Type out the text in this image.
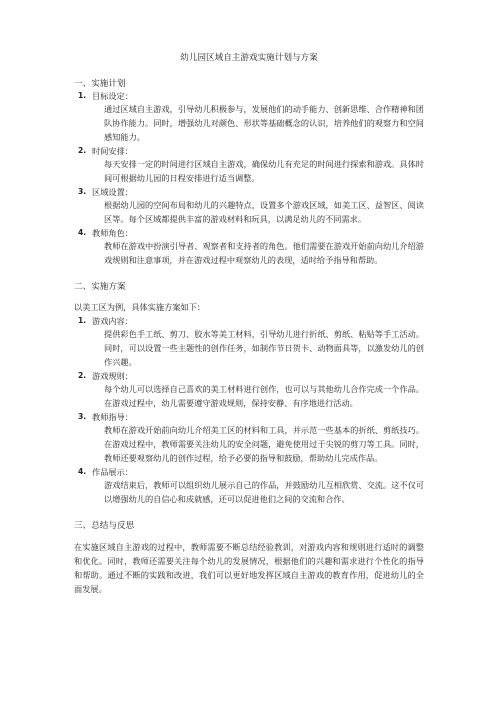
幼儿园区域自主游戏实施计划与方案
一、实施计划
1. 目标设定：
通过区域自主游戏，引导幼儿积极参与，发展他们的动手能力、创新思维、合作精神和团队协作能力。同时，增强幼儿对颜色、形状等基础概念的认识，培养他们的观察力和空间感知能力。
2. 时间安排：
每天安排一定的时间进行区域自主游戏，确保幼儿有充足的时间进行探索和游戏。具体时间可根据幼儿园的日程安排进行适当调整。
3. 区域设置：
根据幼儿园的空间布局和幼儿的兴趣特点，设置多个游戏区域，如美工区、益智区、阅读区等。每个区域都提供丰富的游戏材料和玩具，以满足幼儿的不同需求。
4. 教师角色：
教师在游戏中扮演引导者、观察者和支持者的角色。他们需要在游戏开始前向幼儿介绍游戏规则和注意事项，并在游戏过程中观察幼儿的表现，适时给予指导和帮助。
二、实施方案
以美工区为例，具体实施方案如下：
1. 游戏内容：
提供彩色手工纸、剪刀、胶水等美工材料，引导幼儿进行折纸、剪纸、粘贴等手工活动。同时，可以设置一些主题性的创作任务，如制作节日贺卡、动物面具等，以激发幼儿的创作兴趣。
2. 游戏规则：
每个幼儿可以选择自己喜欢的美工材料进行创作，也可以与其他幼儿合作完成一个作品。在游戏过程中，幼儿需要遵守游戏规则，保持安静、有序地进行活动。
3. 教师指导：
教师在游戏开始前向幼儿介绍美工区的材料和工具，并示范一些基本的折纸、剪纸技巧。在游戏过程中，教师需要关注幼儿的安全问题，避免使用过于尖锐的剪刀等工具。同时，教师还要观察幼儿的创作过程，给予必要的指导和鼓励，帮助幼儿完成作品。
4. 作品展示：
游戏结束后，教师可以组织幼儿展示自己的作品，并鼓励幼儿互相欣赏、交流。这不仅可以增强幼儿的自信心和成就感，还可以促进他们之间的交流和合作。
三、总结与反思
在实施区域自主游戏的过程中，教师需要不断总结经验教训，对游戏内容和规则进行适时的调整和优化。同时，教师还需要关注每个幼儿的发展情况，根据他们的兴趣和需求进行个性化的指导和帮助。通过不断的实践和改进，我们可以更好地发挥区域自主游戏的教育作用，促进幼儿的全面发展。
